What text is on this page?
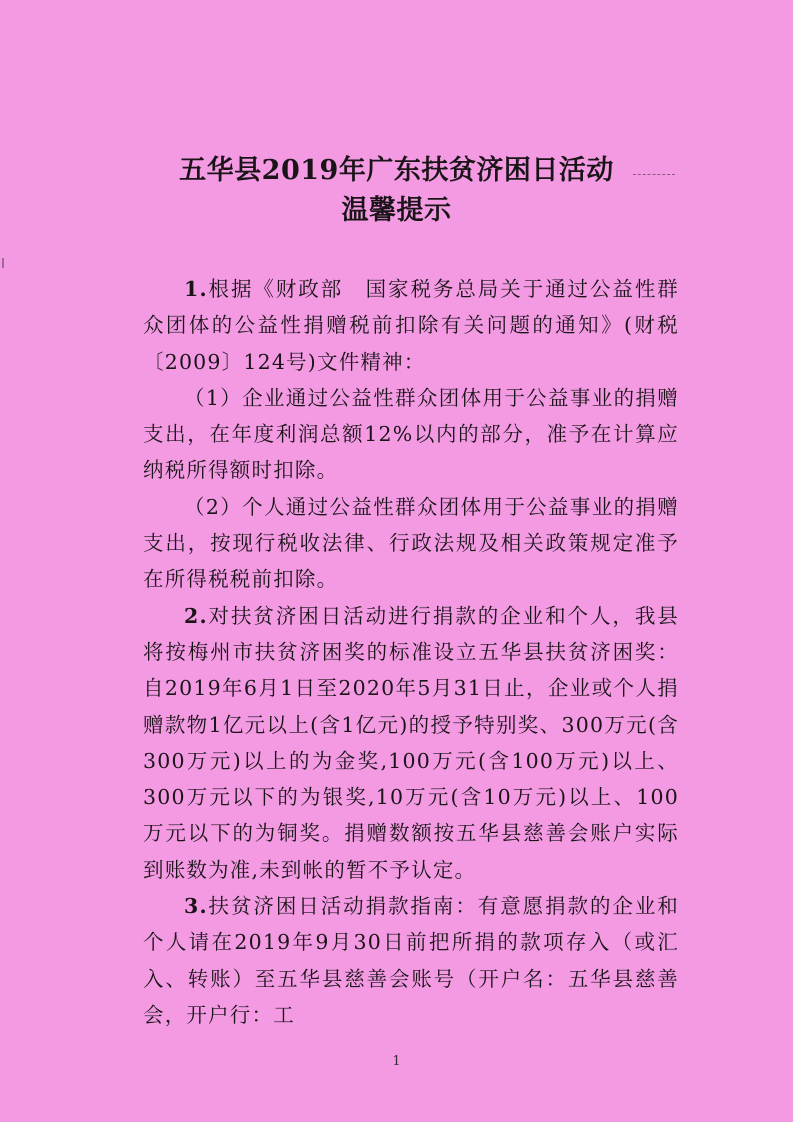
五华县2019年广东扶贫济困日活动
温馨提示

1.根据《财政部　国家税务总局关于通过公益性群众团体的公益性捐赠税前扣除有关问题的通知》(财税〔2009〕124号)文件精神：

（1）企业通过公益性群众团体用于公益事业的捐赠支出，在年度利润总额12%以内的部分，准予在计算应纳税所得额时扣除。

（2）个人通过公益性群众团体用于公益事业的捐赠支出，按现行税收法律、行政法规及相关政策规定准予在所得税税前扣除。

2.对扶贫济困日活动进行捐款的企业和个人，我县将按梅州市扶贫济困奖的标准设立五华县扶贫济困奖：自2019年6月1日至2020年5月31日止，企业或个人捐赠款物1亿元以上(含1亿元)的授予特别奖、300万元(含300万元)以上的为金奖,100万元(含100万元)以上、300万元以下的为银奖,10万元(含10万元)以上、100万元以下的为铜奖。捐赠数额按五华县慈善会账户实际到账数为准,未到帐的暂不予认定。

3.扶贫济困日活动捐款指南：有意愿捐款的企业和个人请在2019年9月30日前把所捐的款项存入（或汇入、转账）至五华县慈善会账号（开户名：五华县慈善会，开户行：工

1
